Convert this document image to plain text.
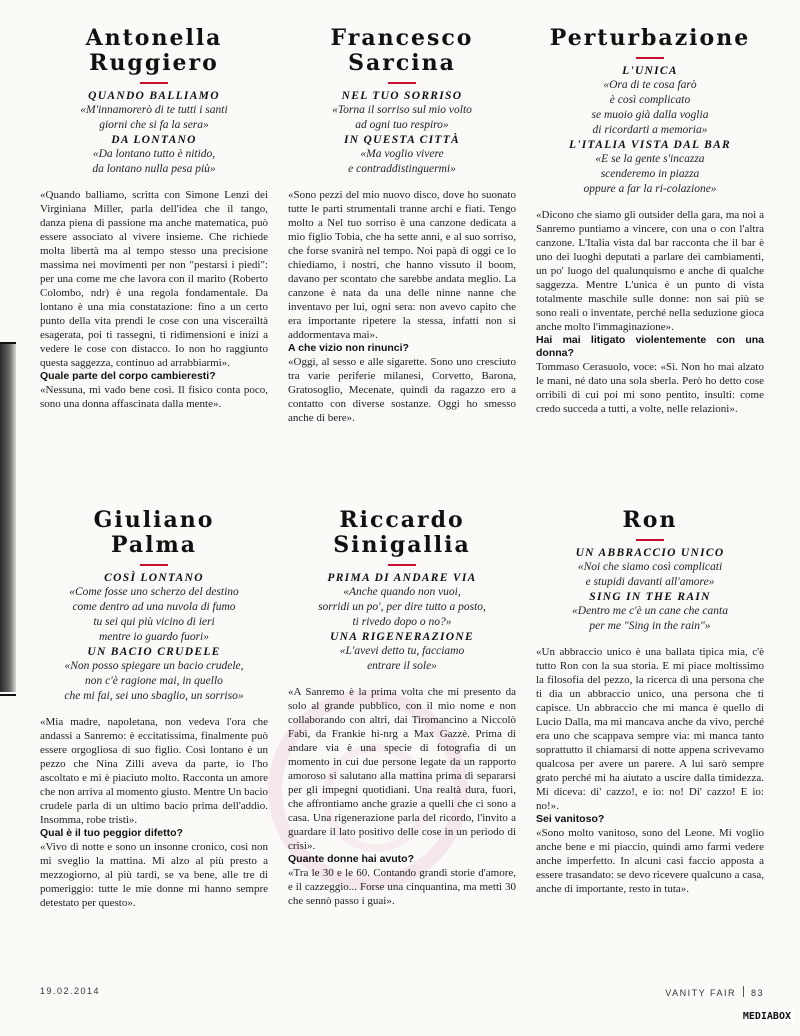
Antonella
Ruggiero

QUANDO BALLIAMO

«M'innamorerò di te tutti i santi

giorni che si fa la sera»

DA LONTANO

«Da lontano tutto è nitido,

da lontano nulla pesa più»

«Quando balliamo, scritta con Simone Lenzi dei Virginiana Miller, parla dell'idea che il tango, danza piena di passione ma anche matematica, può essere associato al vivere insieme. Che richiede molta libertà ma al tempo stesso una precisione massima nei movimenti per non "pestarsi i piedi": per una come me che lavora con il marito (Roberto Colombo, ndr) è una regola fondamentale. Da lontano è una mia constatazione: fino a un certo punto della vita prendi le cose con una viscerailtà esagerata, poi ti rassegni, ti ridimensioni e inizi a vedere le cose con distacco. Io non ho raggiunto questa saggezza, continuo ad arrabbiarmi».

Quale parte del corpo cambieresti?

«Nessuna, mi vado bene così. Il fisico conta poco, sono una donna affascinata dalla mente».

Francesco
Sarcina

NEL TUO SORRISO

«Torna il sorriso sul mio volto

ad ogni tuo respiro»

IN QUESTA CITTÀ

«Ma voglio vivere

e contraddistinguermi»

«Sono pezzi del mio nuovo disco, dove ho suonato tutte le parti strumentali tranne archi e fiati. Tengo molto a Nel tuo sorriso è una canzone dedicata a mio figlio Tobia, che ha sette anni, e al suo sorriso, che forse svanirà nel tempo. Noi papà di oggi ce lo chiediamo, i nostri, che hanno vissuto il boom, davano per scontato che sarebbe andata meglio. La canzone è nata da una delle ninne nanne che inventavo per lui, ogni sera: non avevo capito che era importante ripetere la stessa, infatti non si addormentava mai».

A che vizio non rinunci?

«Oggi, al sesso e alle sigarette. Sono uno cresciuto tra varie periferie milanesi, Corvetto, Barona, Gratosoglio, Mecenate, quindi da ragazzo ero a contatto con diverse sostanze. Oggi ho smesso anche di bere».

Perturbazione

L'UNICA

«Ora di te cosa farò

è così complicato

se muoio già dalla voglia

di ricordarti a memoria»

L'ITALIA VISTA DAL BAR

«E se la gente s'incazza

scenderemo in piazza

oppure a far la ri-colazione»

«Dicono che siamo gli outsider della gara, ma noi a Sanremo puntiamo a vincere, con una o con l'altra canzone. L'Italia vista dal bar racconta che il bar è uno dei luoghi deputati a parlare dei cambiamenti, un po' luogo del qualunquismo e anche di qualche saggezza. Mentre L'unica è un punto di vista totalmente maschile sulle donne: non sai più se sono reali o inventate, perché nella seduzione gioca anche molto l'immaginazione».

Hai mai litigato violentemente con una donna?

Tommaso Cerasuolo, voce: «Sì. Non ho mai alzato le mani, né dato una sola sberla. Però ho detto cose orribili di cui poi mi sono pentito, insulti: come credo succeda a tutti, a volte, nelle relazioni».

Giuliano
Palma

COSÌ LONTANO

«Come fosse uno scherzo del destino

come dentro ad una nuvola di fumo

tu sei qui più vicino di ieri

mentre io guardo fuori»

UN BACIO CRUDELE

«Non posso spiegare un bacio crudele,

non c'è ragione mai, in quello

che mi fai, sei uno sbaglio, un sorriso»

«Mia madre, napoletana, non vedeva l'ora che andassi a Sanremo: è eccitatissima, finalmente può essere orgogliosa di suo figlio. Così lontano è un pezzo che Nina Zilli aveva da parte, io l'ho ascoltato e mi è piaciuto molto. Racconta un amore che non arriva al momento giusto. Mentre Un bacio crudele parla di un ultimo bacio prima dell'addio. Insomma, robe tristi».

Qual è il tuo peggior difetto?

«Vivo di notte e sono un insonne cronico, così non mi sveglio la mattina. Mi alzo al più presto a mezzogiorno, al più tardi, se va bene, alle tre di pomeriggio: tutte le mie donne mi hanno sempre detestato per questo».

Riccardo
Sinigallia

PRIMA DI ANDARE VIA

«Anche quando non vuoi,

sorridi un po', per dire tutto a posto,

ti rivedo dopo o no?»

UNA RIGENERAZIONE

«L'avevi detto tu, facciamo

entrare il sole»

«A Sanremo è la prima volta che mi presento da solo al grande pubblico, con il mio nome e non collaborando con altri, dai Tiromancino a Niccolò Fabi, da Frankie hi-nrg a Max Gazzè. Prima di andare via è una specie di fotografia di un momento in cui due persone legate da un rapporto amoroso si salutano alla mattina prima di separarsi per gli impegni quotidiani. Una realtà dura, fuori, che affrontiamo anche grazie a quelli che ci sono a casa. Una rigenerazione parla del ricordo, l'invito a guardare il lato positivo delle cose in un periodo di crisi».

Quante donne hai avuto?

«Tra le 30 e le 60. Contando grandi storie d'amore, e il cazzeggio... Forse una cinquantina, ma metti 30 che sennò passo i guai».

Ron

UN ABBRACCIO UNICO

«Noi che siamo così complicati

e stupidi davanti all'amore»

SING IN THE RAIN

«Dentro me c'è un cane che canta

per me "Sing in the rain"»

«Un abbraccio unico è una ballata tipica mia, c'è tutto Ron con la sua storia. E mi piace moltissimo la filosofia del pezzo, la ricerca di una persona che ti dia un abbraccio unico, una persona che ti capisce. Un abbraccio che mi manca è quello di Lucio Dalla, ma mi mancava anche da vivo, perché era uno che scappava sempre via: mi manca tanto soprattutto il chiamarsi di notte appena scrivevamo qualcosa per avere un parere. A lui sarò sempre grato perché mi ha aiutato a uscire dalla timidezza. Mi diceva: di' cazzo!, e io: no! Di' cazzo! E io: no!».

Sei vanitoso?

«Sono molto vanitoso, sono del Leone. Mi voglio anche bene e mi piaccio, quindi amo farmi vedere anche imperfetto. In alcuni casi faccio apposta a essere trasandato: se devo ricevere qualcuno a casa, anche di importante, resto in tuta».

19.02.2014	VANITY FAIR 83
MEDIABOX
